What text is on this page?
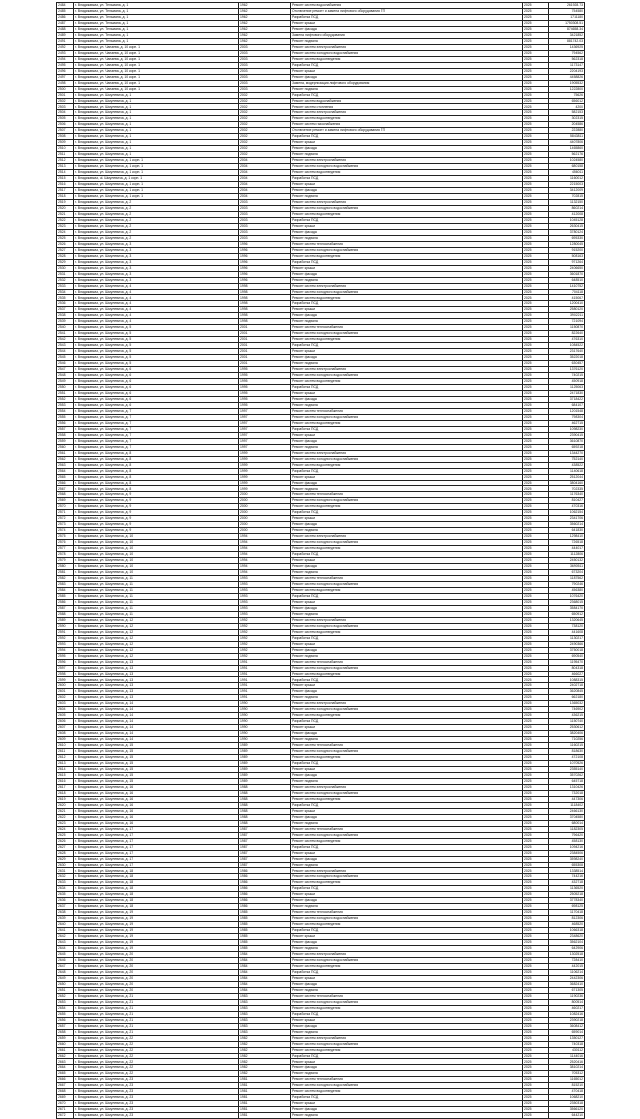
2484	г. Владикавказ, ул. Тельмана, д. 1	1962	Ремонт систем водоснабжения	2025	261928.73
2485	г. Владикавказ, ул. Тельмана, д. 1	1962	Отключение ремонт и замена лифтового оборудования ГП	2025	754580
2486	г. Владикавказ, ул. Тельмана, д. 1	1962	Разработка ПСД	2025	1711180
2487	г. Владикавказ, ул. Тельмана, д. 1	1962	Ремонт крыши	2025	1750308.51
2488	г. Владикавказ, ул. Тельмана, д. 1	1962	Ремонт фасада	2025	874658.34
2489	г. Владикавказ, ул. Тельмана, д. 1	1962	Замена лифтового оборудования	2025	3421852
2491	г. Владикавказ, ул. Тельмана, д. 1	1962	Ремонт подвала	2025	881742.03
2492	г. Владикавказ, ул. Чапаева, д. 10 корп. 1	2003	Ремонт систем электроснабжения	2025	1436925
2493	г. Владикавказ, ул. Чапаева, д. 10 корп. 1	2003	Ремонт систем холодного водоснабжения	2025	794562
2494	г. Владикавказ, ул. Чапаева, д. 10 корп. 1	2003	Ремонт систем водоотведения	2025	562318
2495	г. Владикавказ, ул. Чапаева, д. 10 корп. 1	2003	Разработка ПСД	2025	1173147
2496	г. Владикавказ, ул. Чапаева, д. 10 корп. 1	2003	Ремонт крыши	2025	2204193
2497	г. Владикавказ, ул. Чапаева, д. 10 корп. 1	2003	Ремонт фасада	2025	4458826
2498	г. Владикавказ, ул. Чапаева, д. 10 корп. 1	2003	Замена, модернизация лифтового оборудования	2025	1905532
2500	г. Владикавказ, ул. Чапаева, д. 10 корп. 1	2003	Ремонт подвала	2025	1222800
2501	г. Владикавказ, ул. Шмулевича, д. 1	2002	Разработка ПСД	2025	75626
2502	г. Владикавказ, ул. Шмулевича, д. 1	2002	Ремонт систем водоснабжения	2025	656012
2503	г. Владикавказ, ул. Шмулевича, д. 1	2002	Ремонт систем отопления	2025	4200
2504	г. Владикавказ, ул. Шмулевича, д. 1	2002	Ремонт систем электроснабжения	2025	582153
2505	г. Владикавказ, ул. Шмулевича, д. 1	2002	Ремонт систем водоотведения	2025	302315
2506	г. Владикавказ, ул. Шмулевича, д. 1	2002	Ремонт систем газоснабжения	2025	204586
2507	г. Владикавказ, ул. Шмулевича, д. 1	2002	Отключение ремонт и замена лифтового оборудования ГП	2025	222880
2508	г. Владикавказ, ул. Шмулевича, д. 1	2002	Разработка ПСД	2025	5843811
2509	г. Владикавказ, ул. Шмулевича, д. 1	2002	Ремонт крыши	2025	4407806
2510	г. Владикавказ, ул. Шмулевича, д. 1	2002	Ремонт фасада	2025	1465860
2511	г. Владикавказ, ул. Шмулевича, д. 1	2002	Ремонт подвала	2025	562176
2512	г. Владикавказ, ул. Шмулевича, д. 1 корп. 1	2004	Ремонт систем электроснабжения	2025	1024580
2513	г. Владикавказ, ул. Шмулевича, д. 1 корп. 1	2004	Ремонт систем холодного водоснабжения	2025	680158
2514	г. Владикавказ, ул. Шмулевича, д. 1 корп. 1	2004	Ремонт систем водоотведения	2025	456011
2515	г. Владикавказ, ul. Шмулевича, д. 1 корп. 1	2004	Разработка ПСД	2025	1160012
2516	г. Владикавказ, ул. Шмулевича, д. 1 корп. 1	2004	Ремонт крыши	2025	2215003
2517	г. Владикавказ, ул. Шмулевича, д. 1 корп. 1	2004	Ремонт фасада	2025	3412009
2518	г. Владикавказ, ул. Шмулевича, д. 1 корп. 1	2004	Ремонт подвала	2025	702815
2519	г. Владикавказ, ул. Шмулевича, д. 2	2003	Ремонт систем электроснабжения	2025	1132150
2520	г. Владикавказ, ул. Шмулевича, д. 2	2003	Ремонт систем холодного водоснабжения	2025	860214
2521	г. Владикавказ, ул. Шмулевича, д. 2	2003	Ремонт систем водоотведения	2025	412008
2522	г. Владикавказ, ул. Шмулевича, д. 2	2003	Разработка ПСД	2025	1045128
2523	г. Владикавказ, ул. Шмулевича, д. 2	2003	Ремонт крыши	2025	2630415
2524	г. Владикавказ, ул. Шмулевича, д. 2	2003	Ремонт фасада	2025	3780124
2525	г. Владикавказ, ул. Шмулевича, д. 2	2003	Ремонт подвала	2025	695330
2526	г. Владикавказ, ул. Шмулевича, д. 3	1996	Ремонт систем теплоснабжения	2025	1280045
2527	г. Владикавказ, ул. Шмулевича, д. 3	1996	Ремонт систем холодного водоснабжения	2025	915200
2528	г. Владикавказ, ул. Шмулевича, д. 3	1996	Ремонт систем водоотведения	2025	508163
2529	г. Владикавказ, ул. Шмулевича, д. 3	1996	Разработка ПСД	2025	971264
2530	г. Владикавказ, ул. Шмулевича, д. 3	1996	Ремонт крыши	2025	2406650
2531	г. Владикавказ, ул. Шмулевича, д. 3	1996	Ремонт фасада	2025	3601870
2532	г. Владикавказ, ул. Шмулевича, д. 3	1996	Ремонт подвала	2025	648510
2533	г. Владикавказ, ул. Шмулевича, д. 4	1998	Ремонт систем электроснабжения	2025	1410752
2534	г. Владикавказ, ул. Шмулевича, д. 4	1998	Ремонт систем холодного водоснабжения	2025	704118
2535	г. Владикавказ, ул. Шмулевича, д. 4	1998	Ремонт систем водоотведения	2025	415067
2536	г. Владикавказ, ул. Шмулевича, д. 4	1998	Разработка ПСД	2025	1200410
2537	г. Владикавказ, ул. Шмулевича, д. 4	1998	Ремонт крыши	2025	2580120
2538	г. Владикавказ, ул. Шмулевича, д. 4	1998	Ремонт фасада	2025	3902211
2539	г. Владикавказ, ул. Шмулевича, д. 4	1998	Ремонт подвала	2025	721094
2540	г. Владикавказ, ул. Шмулевича, д. 5	2001	Ремонт систем теплоснабжения	2025	1150870
2541	г. Владикавказ, ул. Шмулевича, д. 5	2001	Ремонт систем холодного водоснабжения	2025	822640
2542	г. Владикавказ, ул. Шмулевича, д. 5	2001	Ремонт систем водоотведения	2025	476310
2543	г. Владикавказ, ул. Шмулевича, д. 5	2001	Разработка ПСД	2025	1084522
2544	г. Владикавказ, ул. Шмулевича, д. 5	2001	Ремонт крыши	2025	2317640
2545	г. Владикавказ, ул. Шмулевича, д. 5	2001	Ремонт фасада	2025	3522018
2546	г. Владикавказ, ул. Шмулевича, д. 5	2001	Ремонт подвала	2025	630457
2547	г. Владикавказ, ул. Шмулевича, д. 6	1995	Ремонт систем электроснабжения	2025	1376120
2548	г. Владикавказ, ул. Шмулевича, д. 6	1995	Ремонт систем холодного водоснабжения	2025	740215
2549	г. Владикавказ, ул. Шмулевича, д. 6	1995	Ремонт систем водоотведения	2025	450918
2550	г. Владикавказ, ул. Шмулевича, д. 6	1995	Разработка ПСД	2025	1125063
2551	г. Владикавказ, ул. Шмулевича, д. 6	1995	Ремонт крыши	2025	2471830
2552	г. Владикавказ, ул. Шмулевича, д. 6	1995	Ремонт фасада	2025	3718422
2553	г. Владикавказ, ул. Шмулевича, д. 6	1995	Ремонт подвала	2025	684107
2554	г. Владикавказ, ул. Шмулевича, д. 7	1997	Ремонт систем теплоснабжения	2025	1201548
2555	г. Владикавказ, ул. Шмулевича, д. 7	1997	Ремонт систем холодного водоснабжения	2025	798304
2556	г. Владикавказ, ул. Шмулевича, д. 7	1997	Ремонт систем водоотведения	2025	462715
2557	г. Владикавказ, ул. Шмулевича, д. 7	1997	Разработка ПСД	2025	1098230
2558	г. Владикавказ, ул. Шмулевича, д. 7	1997	Ремонт крыши	2025	2390415
2559	г. Владикавказ, ул. Шмулевича, д. 7	1997	Ремонт фасада	2025	3610870
2560	г. Владикавказ, ул. Шмулевича, д. 7	1997	Ремонт подвала	2025	659218
2561	г. Владикавказ, ул. Шмулевича, д. 8	1999	Ремонт систем электроснабжения	2025	1344270
2562	г. Владикавказ, ул. Шмулевича, д. 8	1999	Ремонт систем холодного водоснабжения	2025	752140
2563	г. Владикавказ, ул. Шмулевича, д. 8	1999	Ремонт систем водоотведения	2025	438522
2564	г. Владикавказ, ул. Шмулевича, д. 8	1999	Разработка ПСД	2025	1140618
2565	г. Владикавказ, ул. Шмулевича, д. 8	1999	Ремонт крыши	2025	2512044
2566	г. Владикавказ, ул. Шмулевича, д. 8	1999	Ремонт фасада	2025	3804160
2567	г. Владикавказ, ул. Шмулевича, д. 8	1999	Ремонт подвала	2025	702335
2568	г. Владикавказ, ул. Шмулевича, д. 9	2000	Ремонт систем теплоснабжения	2025	1176340
2569	г. Владикавказ, ул. Шмулевича, д. 9	2000	Ремонт систем холодного водоснабжения	2025	810427
2570	г. Владикавказ, ул. Шмулевича, д. 9	2000	Ремонт систем водоотведения	2025	470316
2571	г. Владикавказ, ул. Шмулевича, д. 9	2000	Разработка ПСД	2025	1062154
2572	г. Владикавказ, ул. Шмулевича, д. 9	2000	Ремонт крыши	2025	2341706
2573	г. Владикавказ, ул. Шмулевича, д. 9	2000	Ремонт фасада	2025	3560214
2574	г. Владикавказ, ул. Шмулевича, д. 9	2000	Ремонт подвала	2025	641830
2575	г. Владикавказ, ул. Шмулевича, д. 10	1994	Ремонт систем электроснабжения	2025	1298410
2576	г. Владикавказ, ул. Шмулевича, д. 10	1994	Ремонт систем холодного водоснабжения	2025	726518
2577	г. Владикавказ, ул. Шмулевича, д. 10	1994	Ремонт систем водоотведения	2025	444017
2578	г. Владикавказ, ул. Шмулевича, д. 10	1994	Разработка ПСД	2025	1112806
2579	г. Владикавказ, ул. Шмулевича, д. 10	1994	Ремонт крыши	2025	2450132
2580	г. Владикавказ, ул. Шмулевича, д. 10	1994	Ремонт фасада	2025	3690511
2581	г. Владикавказ, ул. Шмулевича, д. 10	1994	Ремонт подвала	2025	673204
2582	г. Владикавказ, ул. Шмулевича, д. 11	1993	Ремонт систем теплоснабжения	2025	1187562
2583	г. Владикавказ, ул. Шмулевича, д. 11	1993	Ремонт систем холодного водоснабжения	2025	790246
2584	г. Владикавказ, ул. Шмулевича, д. 11	1993	Ремонт систем водоотведения	2025	456380
2585	г. Владикавказ, ул. Шмулевича, д. 11	1993	Разработка ПСД	2025	1076420
2586	г. Владикавказ, ул. Шмулевича, д. 11	1993	Ремонт крыши	2025	2368015
2587	г. Владикавказ, ул. Шмулевича, д. 11	1993	Ремонт фасада	2025	3584170
2588	г. Владикавказ, ул. Шмулевича, д. 11	1993	Ремонт подвала	2025	650912
2589	г. Владикавказ, ул. Шмулевича, д. 12	1992	Ремонт систем электроснабжения	2025	1320645
2590	г. Владикавказ, ул. Шмулевича, д. 12	1992	Ремонт систем холодного водоснабжения	2025	738120
2591	г. Владикавказ, ул. Шмулевича, д. 12	1992	Ремонт систем водоотведения	2025	441608
2592	г. Владикавказ, ул. Шмулевича, д. 12	1992	Разработка ПСД	2025	1130217
2593	г. Владикавказ, ул. Шмулевича, д. 12	1992	Ремонт крыши	2025	2490366
2594	г. Владикавказ, ул. Шмулевича, д. 12	1992	Ремонт фасада	2025	3750018
2595	г. Владикавказ, ул. Шмулевича, д. 12	1992	Ремонт подвала	2025	690540
2596	г. Владикавказ, ул. Шмулевича, д. 13	1991	Ремонт систем теплоснабжения	2025	1195470
2597	г. Владикавказ, ул. Шмулевича, д. 13	1991	Ремонт систем холодного водоснабжения	2025	804318
2598	г. Владикавказ, ул. Шмулевича, д. 13	1991	Ремонт систем водоотведения	2025	466027
2599	г. Владикавказ, ул. Шмулевича, д. 13	1991	Разработка ПСД	2025	1088315
2600	г. Владикавказ, ул. Шмулевича, д. 13	1991	Ремонт крыши	2025	2402718
2601	г. Владикавказ, ул. Шмулевича, д. 13	1991	Ремонт фасада	2025	3620845
2602	г. Владикавказ, ул. Шмулевича, д. 13	1991	Ремонт подвала	2025	662180
2603	г. Владикавказ, ул. Шмулевича, д. 14	1990	Ремонт систем электроснабжения	2025	1365032
2604	г. Владикавказ, ул. Шмулевича, д. 14	1990	Ремонт систем холодного водоснабжения	2025	746902
2605	г. Владикавказ, ул. Шмулевича, д. 14	1990	Ремонт систем водоотведения	2025	436215
2606	г. Владикавказ, ул. Шмулевича, д. 14	1990	Разработка ПСД	2025	1150740
2607	г. Владикавказ, ул. Шмулевича, д. 14	1990	Ремонт крыши	2025	2530612
2608	г. Владикавказ, ул. Шмулевича, д. 14	1990	Ремонт фасада	2025	3820406
2609	г. Владикавказ, ул. Шмулевича, д. 14	1990	Ремонт подвала	2025	710256
2610	г. Владикавказ, ул. Шмулевича, д. 15	1989	Ремонт систем теплоснабжения	2025	1160215
2611	г. Владикавказ, ул. Шмулевича, д. 15	1989	Ремонт систем холодного водоснабжения	2025	818630
2612	г. Владикавказ, ул. Шмулевича, д. 15	1989	Ремонт систем водоотведения	2025	472108
2613	г. Владикавказ, ул. Шмулевича, д. 15	1989	Разработка ПСД	2025	1070526
2614	г. Владикавказ, ул. Шмулевича, д. 15	1989	Ремонт крыши	2025	2355140
2615	г. Владикавказ, ул. Шмулевича, д. 15	1989	Ремонт фасада	2025	3570262
2616	г. Владикавказ, ул. Шмулевича, д. 15	1989	Ремонт подвала	2025	645718
2617	г. Владикавказ, ул. Шмулевича, д. 16	1988	Ремонт систем электроснабжения	2025	1310426
2618	г. Владикавказ, ул. Шмулевича, д. 16	1988	Ремонт систем холодного водоснабжения	2025	732018
2619	г. Владикавказ, ул. Шмулевича, д. 16	1988	Ремонт систем водоотведения	2025	447306
2620	г. Владикавказ, ул. Шмулевича, д. 16	1988	Разработка ПСД	2025	1118402
2621	г. Владикавказ, ул. Шмулевича, д. 16	1988	Ремонт крыши	2025	2466130
2622	г. Владикавказ, ул. Шмулевича, д. 16	1988	Ремонт фасада	2025	3704580
2623	г. Владикавказ, ул. Шмулевича, д. 16	1988	Ремонт подвала	2025	680014
2624	г. Владикавказ, ул. Шмулевича, д. 17	1987	Ремонт систем теплоснабжения	2025	1182305
2625	г. Владикавказ, ул. Шмулевича, д. 17	1987	Ремонт систем холодного водоснабжения	2025	796420
2626	г. Владикавказ, ул. Шмулевича, д. 17	1987	Ремонт систем водоотведения	2025	458130
2627	г. Владикавказ, ул. Шмулевича, д. 17	1987	Разработка ПСД	2025	1094216
2628	г. Владикавказ, ул. Шмулевича, д. 17	1987	Ремонт крыши	2025	2384506
2629	г. Владикавказ, ул. Шмулевича, д. 17	1987	Ремонт фасада	2025	3598240
2630	г. Владикавказ, ул. Шмулевича, д. 17	1987	Ремонт подвала	2025	655308
2631	г. Владикавказ, ул. Шмулевича, д. 18	1986	Ремонт систем электроснабжения	2025	1338514
2632	г. Владикавказ, ул. Шмулевича, д. 18	1986	Ремонт систем холодного водоснабжения	2025	744216
2633	г. Владикавказ, ул. Шмулевича, д. 18	1986	Ремонт систем водоотведения	2025	432718
2634	г. Владикавказ, ул. Шмулевича, д. 18	1986	Разработка ПСД	2025	1136520
2635	г. Владикавказ, ул. Шмулевича, д. 18	1986	Ремонт крыши	2025	2505218
2636	г. Владикавказ, ул. Шмулевича, д. 18	1986	Ремонт фасада	2025	3778340
2637	г. Владикавказ, ул. Шмулевича, д. 18	1986	Ремонт подвала	2025	698125
2638	г. Владикавказ, ул. Шмулевича, д. 19	1985	Ремонт систем теплоснабжения	2025	1170418
2639	г. Владикавказ, ул. Шмулевича, д. 19	1985	Ремонт систем холодного водоснабжения	2025	812306
2640	г. Владикавказ, ул. Шмулевича, д. 19	1985	Ремонт систем водоотведения	2025	468520
2641	г. Владикавказ, ул. Шмулевича, д. 19	1985	Разработка ПСД	2025	1066318
2642	г. Владикавказ, ул. Шмулевича, д. 19	1985	Ремонт крыши	2025	2348620
2643	г. Владикавказ, ул. Шмулевича, д. 19	1985	Ремонт фасада	2025	3562104
2644	г. Владикавказ, ул. Шмулевича, д. 19	1985	Ремонт подвала	2025	642906
2645	г. Владикавказ, ул. Шмулевича, д. 20	1984	Ремонт систем электроснабжения	2025	1302518
2646	г. Владикавказ, ул. Шмулевича, д. 20	1984	Ремонт систем холодного водоснабжения	2025	728410
2647	г. Владикавказ, ул. Шмулевича, д. 20	1984	Ремонт систем водоотведения	2025	442015
2648	г. Владикавказ, ул. Шмулевича, д. 20	1984	Разработка ПСД	2025	1106214
2649	г. Владикавказ, ул. Шмулевича, д. 20	1984	Ремонт крыши	2025	2442306
2650	г. Владикавказ, ул. Шмулевича, д. 20	1984	Ремонт фасада	2025	3682410
2651	г. Владикавказ, ул. Шмулевича, д. 20	1984	Ремонт подвала	2025	671305
2652	г. Владикавказ, ул. Шмулевича, д. 21	1983	Ремонт систем теплоснабжения	2025	1190236
2653	г. Владикавказ, ул. Шмулевича, д. 21	1983	Ремонт систем холодного водоснабжения	2025	800514
2654	г. Владикавказ, ул. Шмулевича, д. 21	1983	Ремонт систем водоотведения	2025	460217
2655	г. Владикавказ, ул. Шмулевича, д. 21	1983	Разработка ПСД	2025	1082416
2656	г. Владикавказ, ул. Шмулевича, д. 21	1983	Ремонт крыши	2025	2390218
2657	г. Владикавказ, ул. Шмулевича, д. 21	1983	Ремонт фасада	2025	3608412
2658	г. Владикавказ, ул. Шмулевича, д. 21	1983	Ремонт подвала	2025	659014
2659	г. Владикавказ, ул. Шмулевича, д. 22	1982	Ремонт систем электроснабжения	2025	1350127
2660	г. Владикавказ, ул. Шмулевича, д. 22	1982	Ремонт систем холодного водоснабжения	2025	740318
2661	г. Владикавказ, ул. Шмулевича, д. 22	1982	Ремонт систем водоотведения	2025	430112
2662	г. Владикавказ, ул. Шмулевича, д. 22	1982	Разработка ПСД	2025	1144016
2663	г. Владикавказ, ул. Шмулевича, д. 22	1982	Ремонт крыши	2025	2520416
2664	г. Владикавказ, ул. Шмулевича, д. 22	1982	Ремонт фасада	2025	3810214
2665	г. Владикавказ, ул. Шмулевича, д. 22	1982	Ремонт подвала	2025	705312
2666	г. Владикавказ, ул. Шмулевича, д. 23	1981	Ремонт систем теплоснабжения	2025	1165012
2667	г. Владикавказ, ул. Шмулевича, д. 23	1981	Ремонт систем холодного водоснабжения	2025	815210
2668	г. Владикавказ, ул. Шмулевича, д. 23	1981	Ремонт систем водоотведения	2025	470418
2669	г. Владикавказ, ул. Шмулевича, д. 23	1981	Разработка ПСД	2025	1068210
2670	г. Владикавказ, ул. Шмулевича, д. 23	1981	Ремонт крыши	2025	2350318
2671	г. Владикавказ, ул. Шмулевича, д. 23	1981	Ремонт фасада	2025	3566120
2672	г. Владикавказ, ул. Шмулевича, д. 23	1981	Ремонт подвала	2025	644210
